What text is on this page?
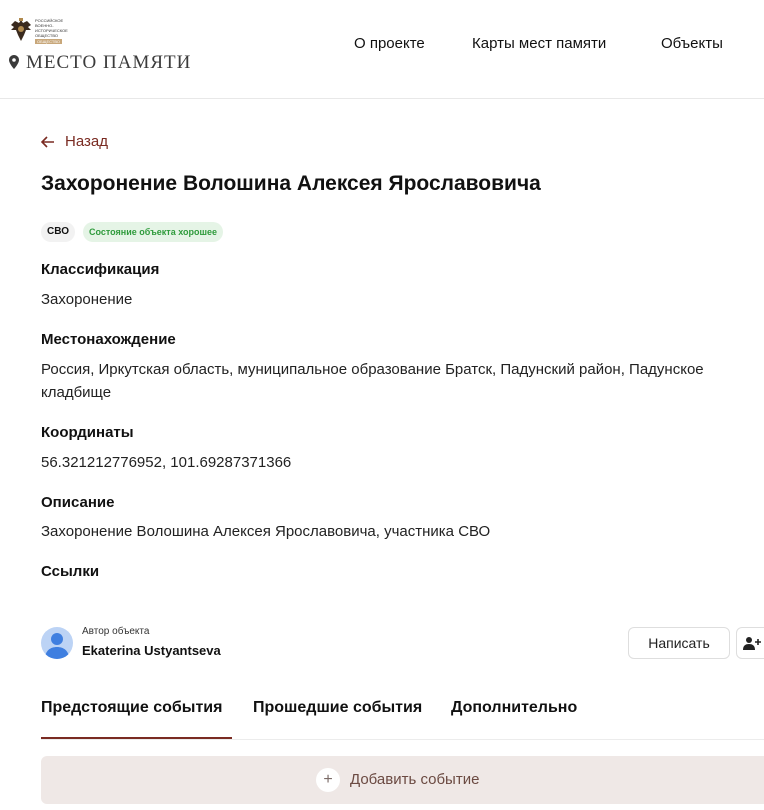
РОССИЙСКОЕ
ВОЕННО-ИСТОРИЧЕСКОЕ
ОБЩЕСТВО
ОБЩЕСТВО
МЕСТО ПАМЯТИ
О проекте	Карты мест памяти	Объекты
Назад
Захоронение Волошина Алексея Ярославовича
СВО	Состояние объекта хорошее
Классификация
Захоронение
Местонахождение
Россия, Иркутская область, муниципальное образование Братск, Падунский район, Падунское
кладбище
Координаты
56.321212776952, 101.69287371366
Описание
Захоронение Волошина Алексея Ярославовича, участника СВО
Ссылки
Автор объекта
Ekaterina Ustyantseva	Написать
Предстоящие события Прошедшие события Дополнительно
+	Добавить событие
